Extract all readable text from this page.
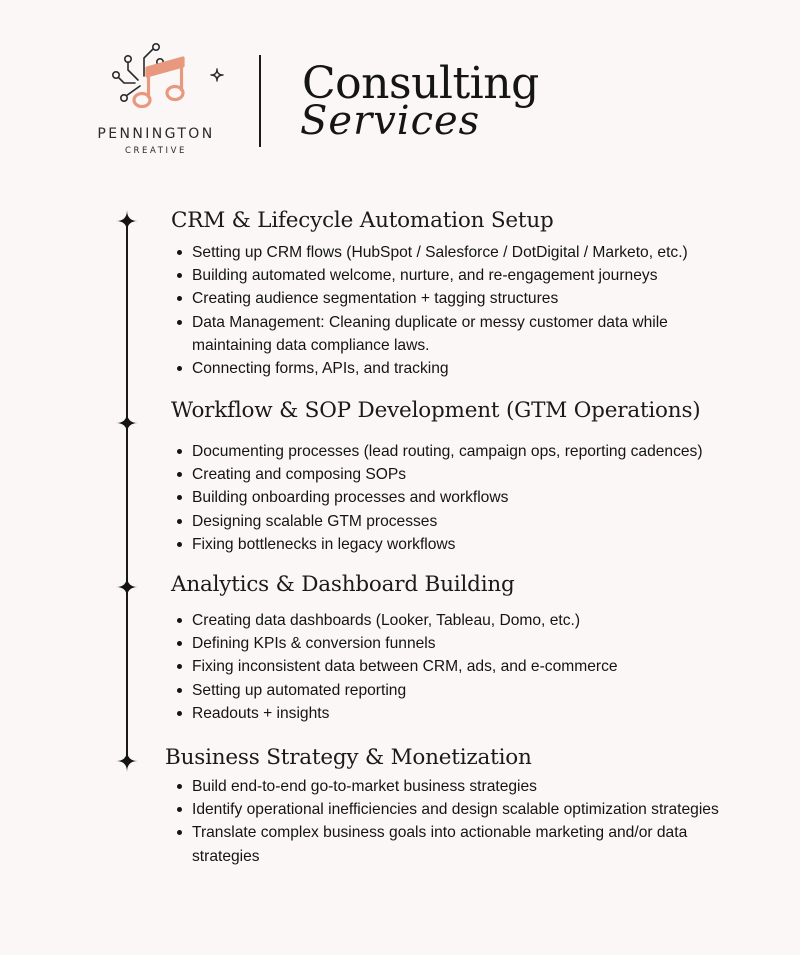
PENNINGTON
CREATIVE
Consulting
Services
CRM & Lifecycle Automation Setup
Setting up CRM flows (HubSpot / Salesforce / DotDigital / Marketo, etc.)
Building automated welcome, nurture, and re-engagement journeys
Creating audience segmentation + tagging structures
Data Management: Cleaning duplicate or messy customer data while maintaining data compliance laws.
Connecting forms, APIs, and tracking
Workflow & SOP Development (GTM Operations)
Documenting processes (lead routing, campaign ops, reporting cadences)
Creating and composing SOPs
Building onboarding processes and workflows
Designing scalable GTM processes
Fixing bottlenecks in legacy workflows
Analytics & Dashboard Building
Creating data dashboards (Looker, Tableau, Domo, etc.)
Defining KPIs & conversion funnels
Fixing inconsistent data between CRM, ads, and e-commerce
Setting up automated reporting
Readouts + insights
Business Strategy & Monetization
Build end-to-end go-to-market business strategies
Identify operational inefficiencies and design scalable optimization strategies
Translate complex business goals into actionable marketing and/or data strategies
